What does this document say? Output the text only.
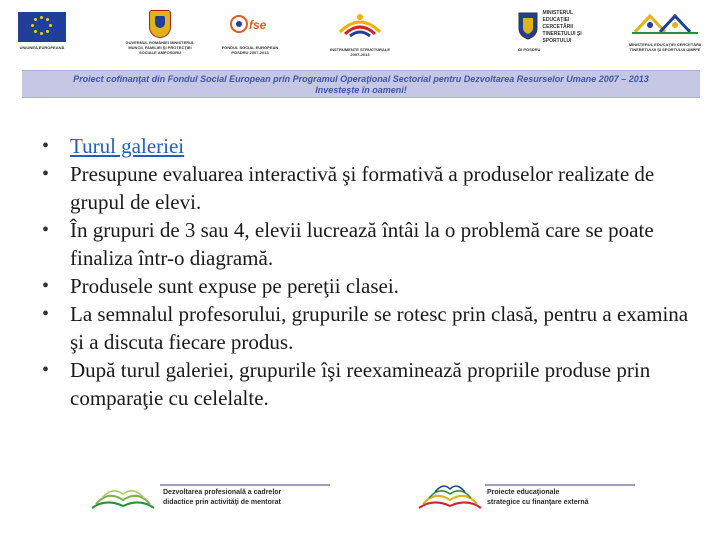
UNIUNEA EUROPEANĂ
GUVERNUL ROMÂNIEI MINISTERUL MUNCII, FAMILIEI ŞI PROTECŢIEI SOCIALE AMPOSDRU
fse
FONDUL SOCIAL EUROPEAN POSDRU 2007-2013
INSTRUMENTE STRUCTURALE 2007-2013
MINISTERUL EDUCAŢIEI CERCETĂRII TINERETULUI ŞI SPORTULUI
OI POSDRU
MINISTERUL EDUCAŢIEI CERCETĂRII TINERETULUI ŞI SPORTULUI UMPFE
Proiect cofinanţat din Fondul Social European prin Programul Operaţional Sectorial pentru Dezvoltarea Resurselor Umane 2007 – 2013
Investeşte în oameni!
• Turul galeriei
• Presupune evaluarea interactivă şi formativă a produselor realizate de grupul de elevi.
• În grupuri de 3 sau 4, elevii lucrează întâi la o problemă care se poate finaliza într-o diagramă.
• Produsele sunt expuse pe pereţii clasei.
• La semnalul profesorului, grupurile se rotesc prin clasă, pentru a examina şi a discuta fiecare produs.
• După turul galeriei, grupurile îşi reexaminează propriile produse prin comparaţie cu celelalte.
Dezvoltarea profesională a cadrelor
didactice prin activităţi de mentorat
Proiecte educaţionale
strategice cu finanţare externă
